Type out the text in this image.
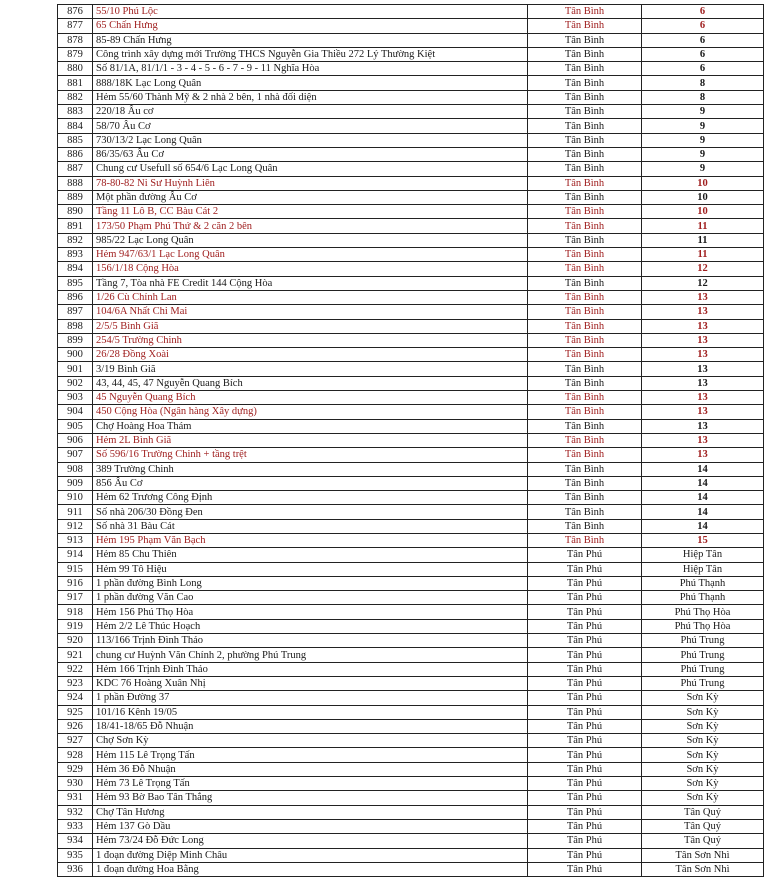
876	55/10 Phú Lộc	Tân Bình	6
877	65 Chấn Hưng	Tân Bình	6
878	85-89 Chấn Hưng	Tân Bình	6
879	Công trình xây dựng mới Trường THCS Nguyễn Gia Thiều 272 Lý Thường Kiệt	Tân Bình	6
880	Số 81/1A, 81/1/1 - 3 - 4 - 5 - 6 - 7 - 9 - 11 Nghĩa Hòa	Tân Bình	6
881	888/18K Lạc Long Quân	Tân Bình	8
882	Hẻm 55/60 Thành Mỹ & 2 nhà 2 bên, 1 nhà đối diện	Tân Bình	8
883	220/18 Âu cơ	Tân Bình	9
884	58/70 Âu Cơ	Tân Bình	9
885	730/13/2 Lạc Long Quân	Tân Bình	9
886	86/35/63 Âu Cơ	Tân Bình	9
887	Chung cư Usefull số 654/6 Lạc Long Quân	Tân Bình	9
888	78-80-82 Ni Sư Huỳnh Liên	Tân Bình	10
889	Một phần đường Âu Cơ	Tân Bình	10
890	Tầng 11 Lô B, CC Bàu Cát 2	Tân Bình	10
891	173/50 Phạm Phú Thứ & 2 căn 2 bên	Tân Bình	11
892	985/22 Lạc Long Quân	Tân Bình	11
893	Hẻm 947/63/1 Lạc Long Quân	Tân Bình	11
894	156/1/18 Cộng Hòa	Tân Bình	12
895	Tầng 7, Tòa nhà FE Credit 144 Cộng Hòa	Tân Bình	12
896	1/26 Cù Chính Lan	Tân Bình	13
897	104/6A Nhất Chi Mai	Tân Bình	13
898	2/5/5 Bình Giã	Tân Bình	13
899	254/5 Trường Chinh	Tân Bình	13
900	26/28 Đồng Xoài	Tân Bình	13
901	3/19 Bình Giã	Tân Bình	13
902	43, 44, 45, 47 Nguyễn Quang Bích	Tân Bình	13
903	45 Nguyễn Quang Bích	Tân Bình	13
904	450 Cộng Hòa (Ngân hàng Xây dựng)	Tân Bình	13
905	Chợ Hoàng Hoa Thám	Tân Bình	13
906	Hẻm 2L Bình Giã	Tân Bình	13
907	Số 596/16 Trường Chinh + tầng trệt	Tân Bình	13
908	389 Trường Chinh	Tân Bình	14
909	856 Âu Cơ	Tân Bình	14
910	Hẻm 62 Trương Công Định	Tân Bình	14
911	Số nhà 206/30 Đồng Đen	Tân Bình	14
912	Số nhà 31 Bàu Cát	Tân Bình	14
913	Hẻm 195 Phạm Văn Bạch	Tân Bình	15
914	Hẻm 85 Chu Thiên	Tân Phú	Hiệp Tân
915	Hẻm 99 Tô Hiệu	Tân Phú	Hiệp Tân
916	1 phần đường Bình Long	Tân Phú	Phú Thạnh
917	1 phần đường Văn Cao	Tân Phú	Phú Thạnh
918	Hẻm 156 Phú Thọ Hòa	Tân Phú	Phú Thọ Hòa
919	Hẻm 2/2 Lê Thúc Hoạch	Tân Phú	Phú Thọ Hòa
920	113/166 Trịnh Đình Thảo	Tân Phú	Phú Trung
921	chung cư Huỳnh Văn Chính 2, phường Phú Trung	Tân Phú	Phú Trung
922	Hẻm 166 Trịnh Đình Thảo	Tân Phú	Phú Trung
923	KDC 76 Hoàng Xuân Nhị	Tân Phú	Phú Trung
924	1 phần Đường 37	Tân Phú	Sơn Kỳ
925	101/16 Kênh 19/05	Tân Phú	Sơn Kỳ
926	18/41-18/65 Đỗ Nhuận	Tân Phú	Sơn Kỳ
927	Chợ Sơn Kỳ	Tân Phú	Sơn Kỳ
928	Hẻm 115 Lê Trọng Tấn	Tân Phú	Sơn Kỳ
929	Hẻm 36 Đỗ Nhuận	Tân Phú	Sơn Kỳ
930	Hẻm 73 Lê Trọng Tấn	Tân Phú	Sơn Kỳ
931	Hẻm 93 Bờ Bao Tân Thắng	Tân Phú	Sơn Kỳ
932	Chợ Tân Hương	Tân Phú	Tân Quý
933	Hẻm 137 Gò Dầu	Tân Phú	Tân Quý
934	Hẻm 73/24 Đỗ Đức Long	Tân Phú	Tân Quý
935	1 đoạn đường Diệp Minh Châu	Tân Phú	Tân Sơn Nhì
936	1 đoạn đường Hoa Bằng	Tân Phú	Tân Sơn Nhì
